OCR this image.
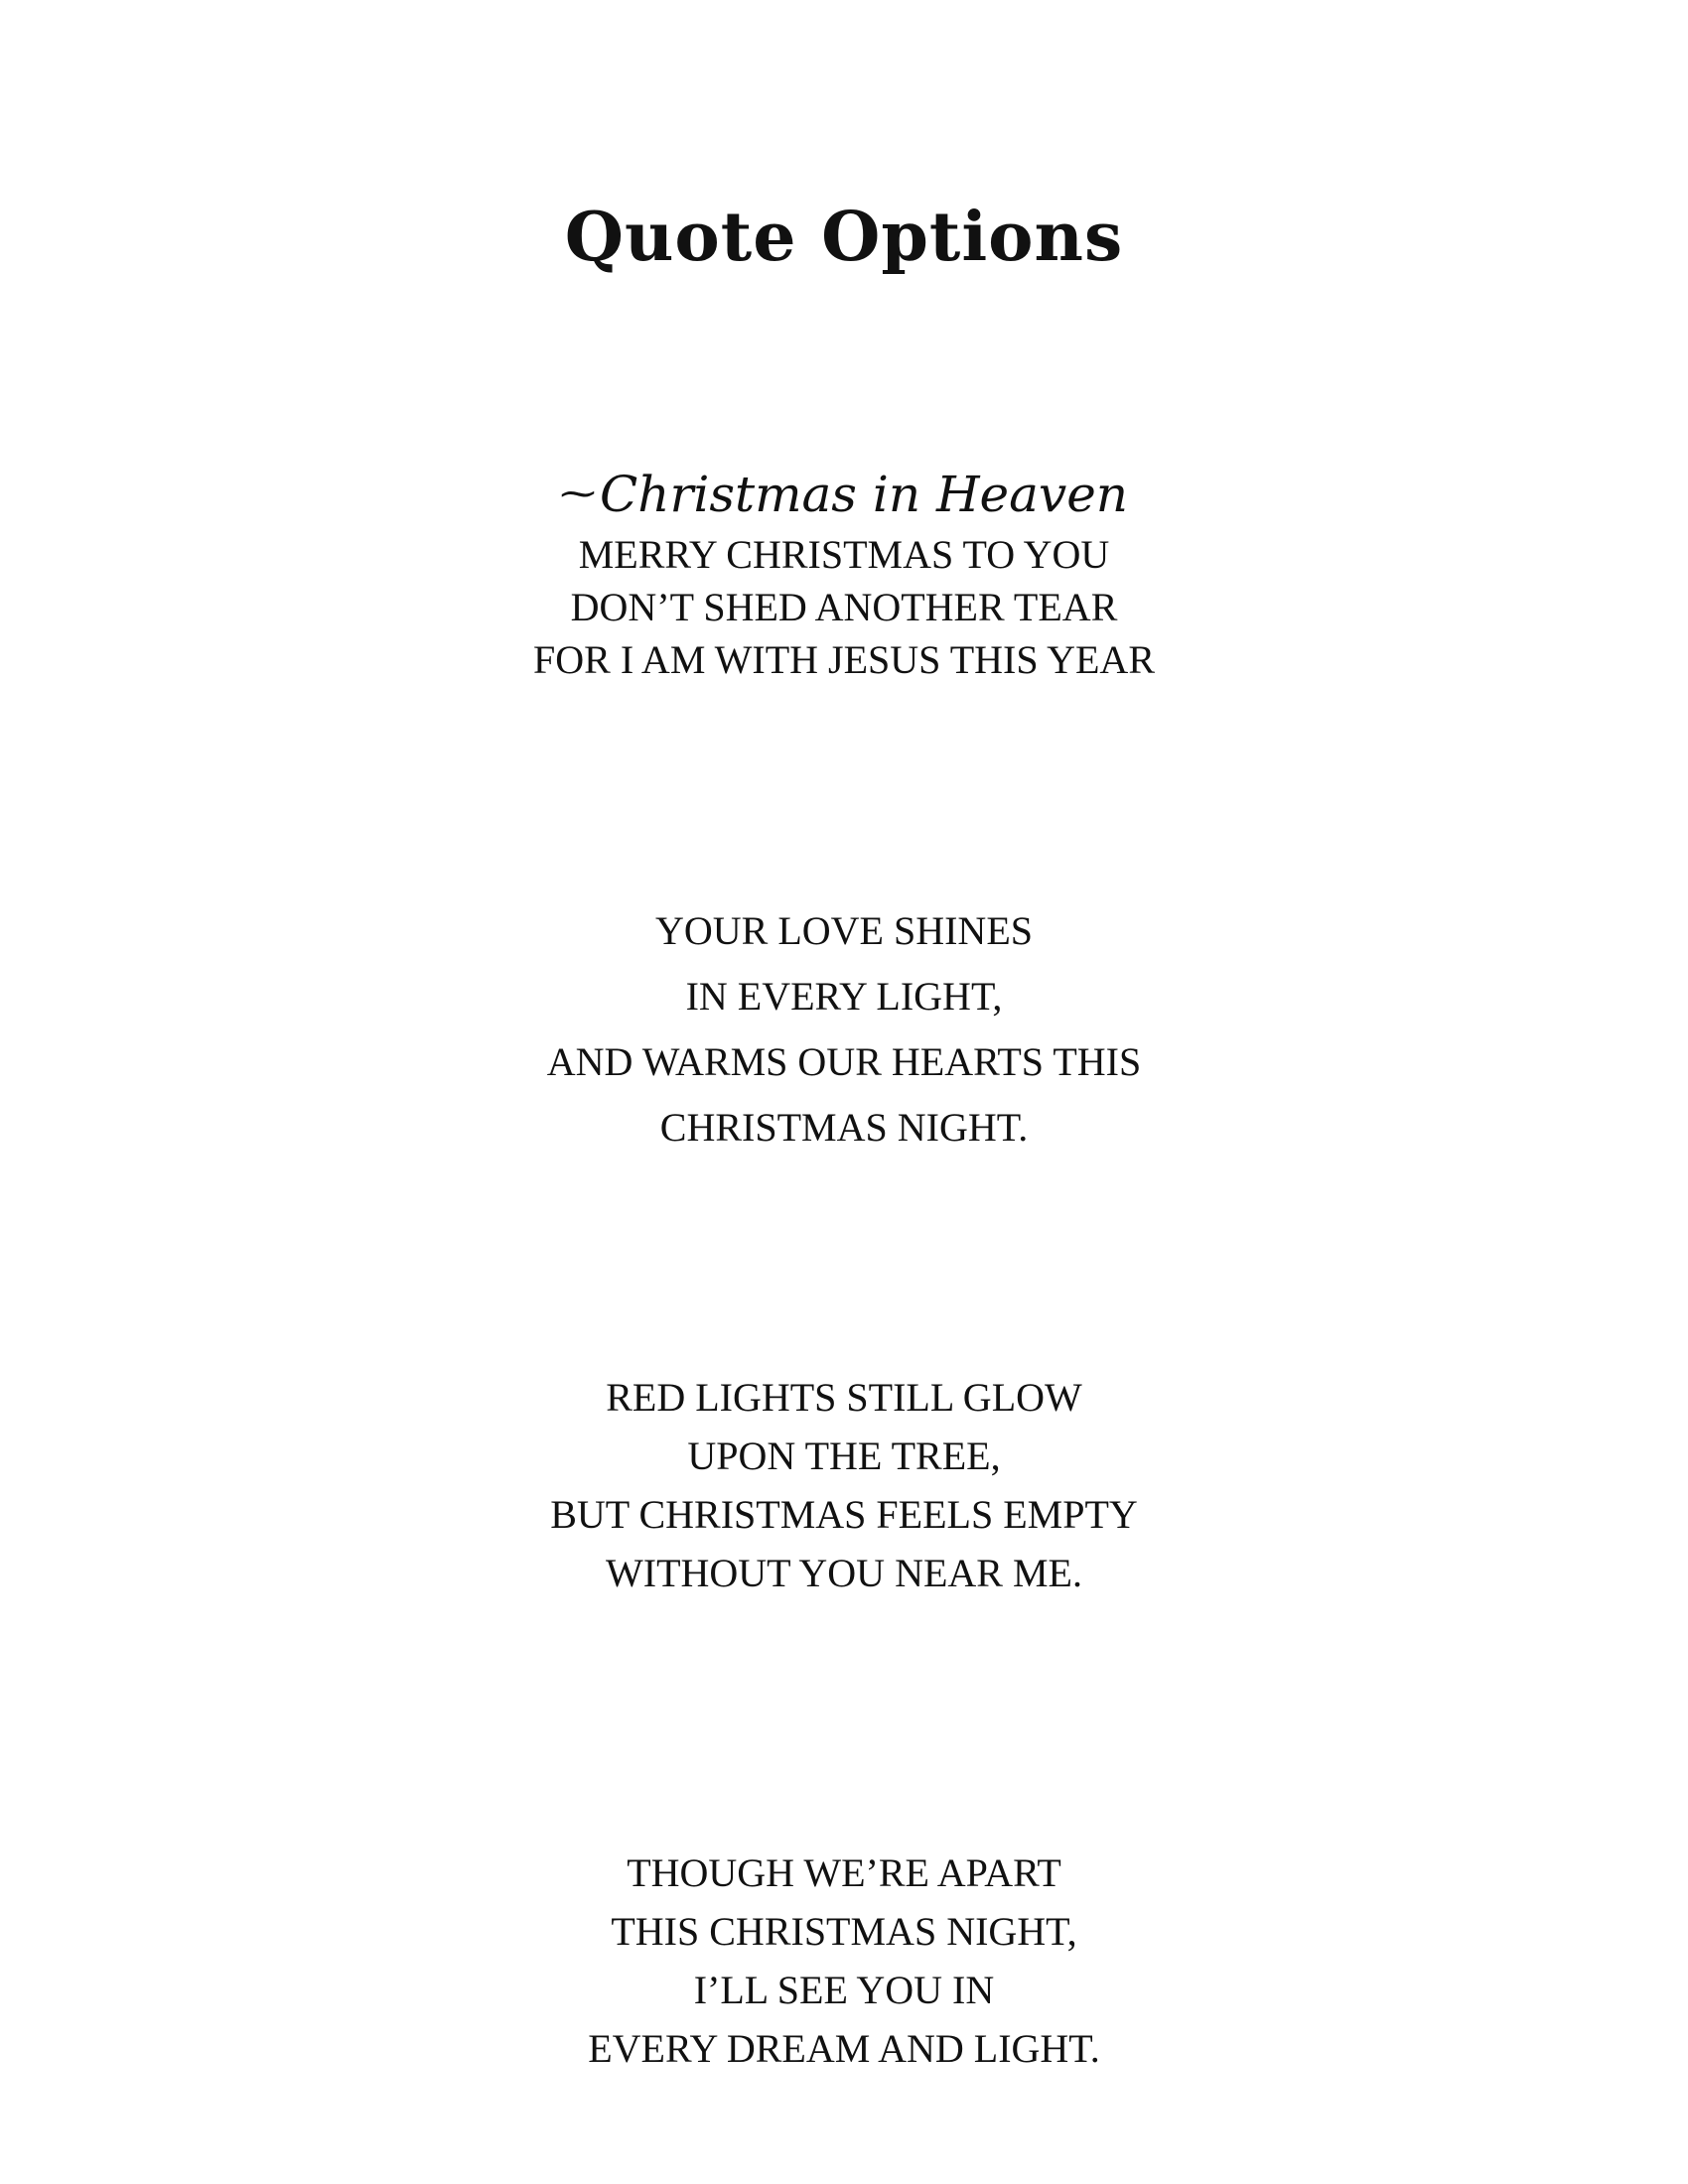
Quote Options
⁓Christmas in Heaven
MERRY CHRISTMAS TO YOU
DON’T SHED ANOTHER TEAR
FOR I AM WITH JESUS THIS YEAR
YOUR LOVE SHINES
IN EVERY LIGHT,
AND WARMS OUR HEARTS THIS
CHRISTMAS NIGHT.
RED LIGHTS STILL GLOW
UPON THE TREE,
BUT CHRISTMAS FEELS EMPTY
WITHOUT YOU NEAR ME.
THOUGH WE’RE APART
THIS CHRISTMAS NIGHT,
I’LL SEE YOU IN
EVERY DREAM AND LIGHT.
